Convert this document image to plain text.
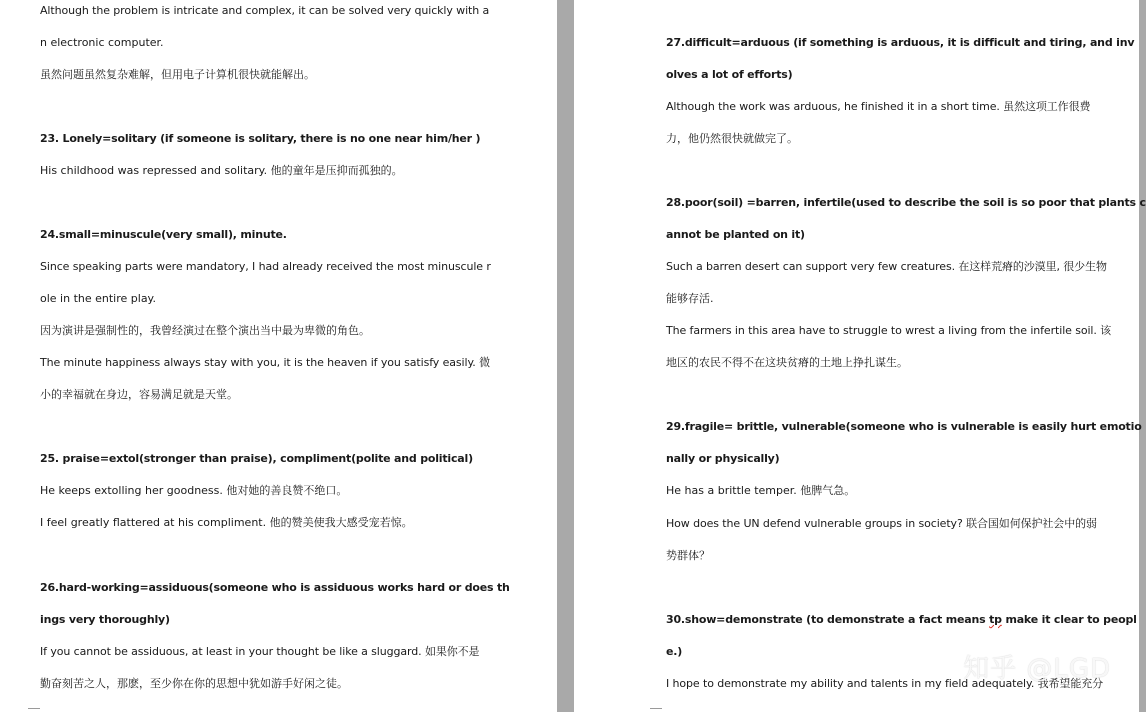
Although the problem is intricate and complex, it can be solved very quickly with a
n electronic computer.
虽然问题虽然复杂难解，但用电子计算机很快就能解出。
23. Lonely=solitary (if someone is solitary, there is no one near him/her )
His childhood was repressed and solitary. 他的童年是压抑而孤独的。
24.small=minuscule(very small), minute.
Since speaking parts were mandatory, I had already received the most minuscule r
ole in the entire play.
因为演讲是强制性的，我曾经演过在整个演出当中最为卑微的角色。
The minute happiness always stay with you, it is the heaven if you satisfy easily. 微
小的幸福就在身边，容易满足就是天堂。
25. praise=extol(stronger than praise), compliment(polite and political)
He keeps extolling her goodness. 他对她的善良赞不绝口。
I feel greatly flattered at his compliment. 他的赞美使我大感受宠若惊。
26.hard-working=assiduous(someone who is assiduous works hard or does th
ings very thoroughly)
If you cannot be assiduous, at least in your thought be like a sluggard. 如果你不是
勤奋刻苦之人，那麽，至少你在你的思想中犹如游手好闲之徒。
27.difficult=arduous (if something is arduous, it is difficult and tiring, and inv
olves a lot of efforts)
Although the work was arduous, he finished it in a short time. 虽然这项工作很费
力，他仍然很快就做完了。
28.poor(soil) =barren, infertile(used to describe the soil is so poor that plants c
annot be planted on it)
Such a barren desert can support very few creatures. 在这样荒瘠的沙漠里, 很少生物
能够存活.
The farmers in this area have to struggle to wrest a living from the infertile soil. 该
地区的农民不得不在这块贫瘠的土地上挣扎谋生。
29.fragile= brittle, vulnerable(someone who is vulnerable is easily hurt emotio
nally or physically)
He has a brittle temper. 他脾气急。
How does the UN defend vulnerable groups in society? 联合国如何保护社会中的弱
势群体？
30.show=demonstrate (to demonstrate a fact means tp make it clear to peopl
e.)
I hope to demonstrate my ability and talents in my field adequately. 我希望能充分
知乎 @LGD
